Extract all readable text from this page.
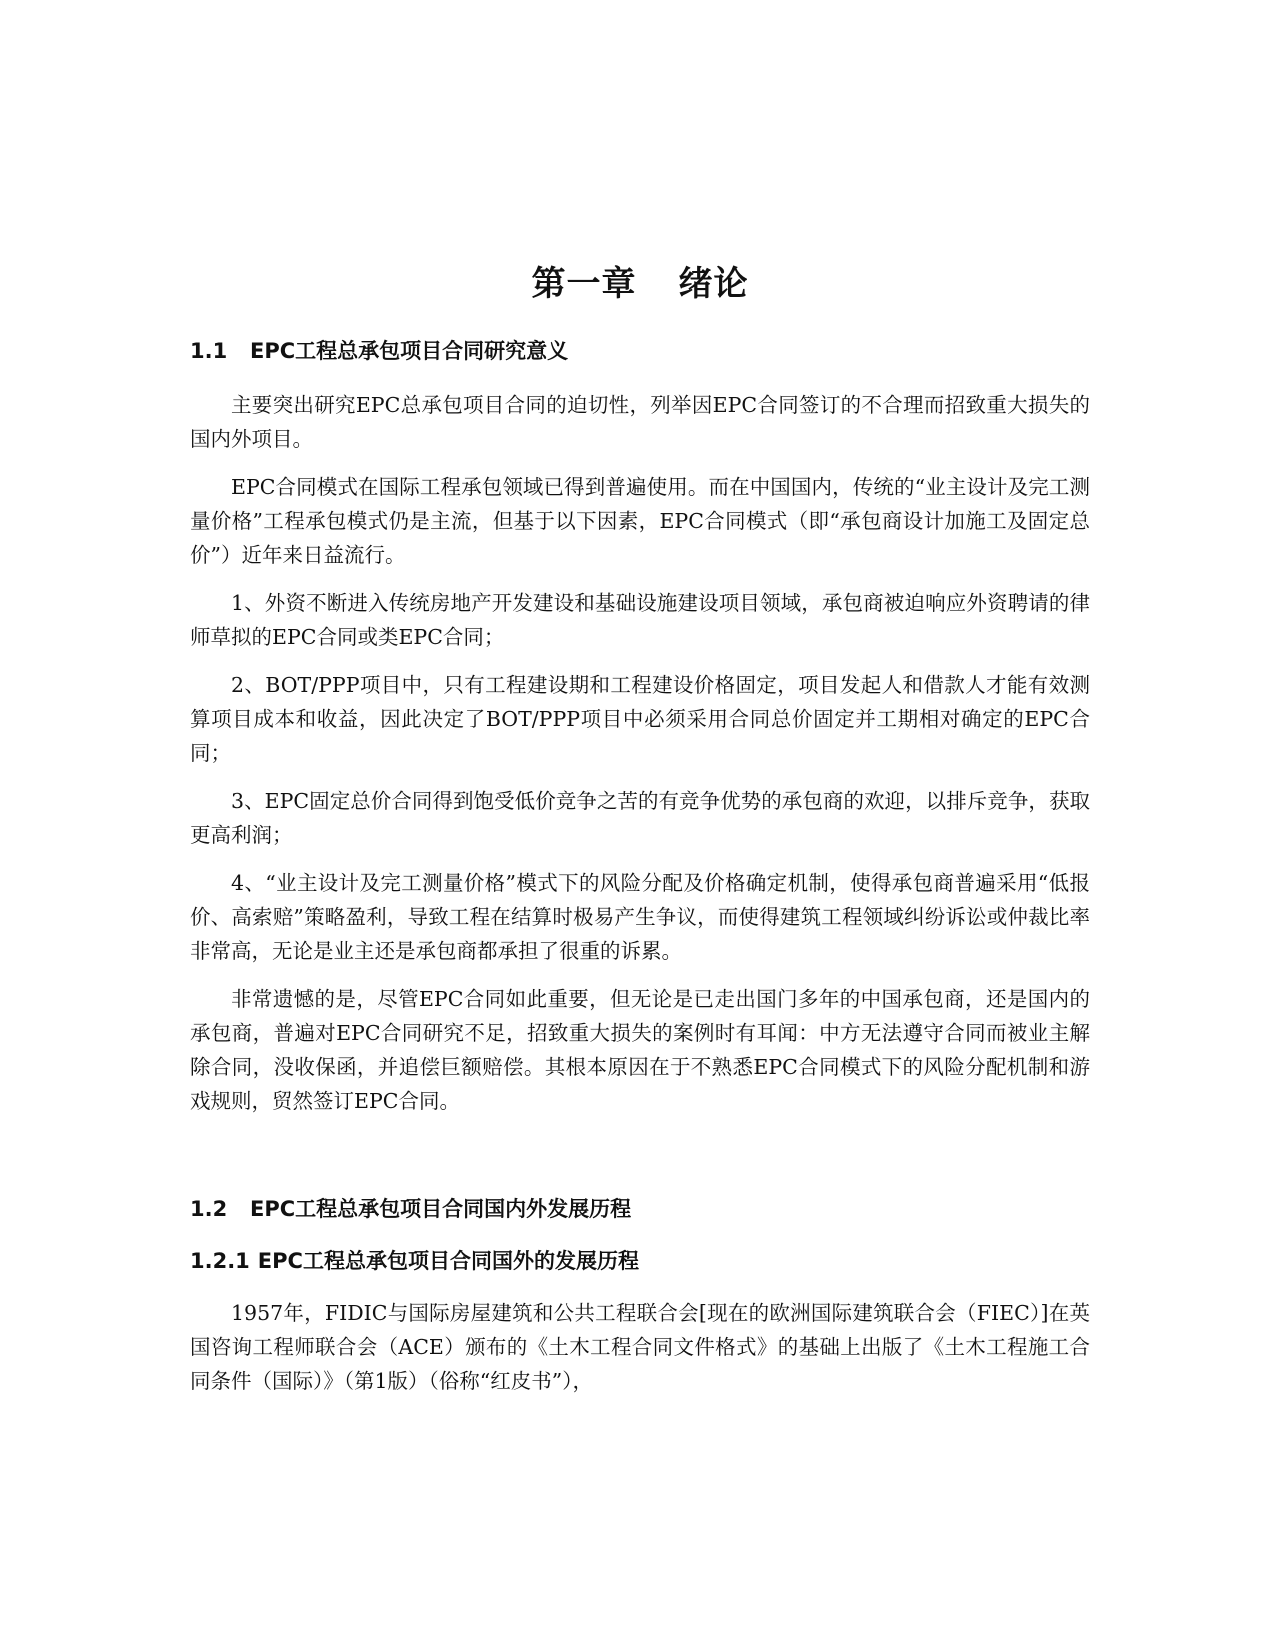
第一章 绪论
1.1 EPC工程总承包项目合同研究意义

主要突出研究EPC总承包项目合同的迫切性，列举因EPC合同签订的不合理而招致重大损失的国内外项目。

EPC合同模式在国际工程承包领域已得到普遍使用。而在中国国内，传统的“业主设计及完工测量价格”工程承包模式仍是主流，但基于以下因素，EPC合同模式（即“承包商设计加施工及固定总价”）近年来日益流行。

1、外资不断进入传统房地产开发建设和基础设施建设项目领域，承包商被迫响应外资聘请的律师草拟的EPC合同或类EPC合同；

2、BOT/PPP项目中，只有工程建设期和工程建设价格固定，项目发起人和借款人才能有效测算项目成本和收益，因此决定了BOT/PPP项目中必须采用合同总价固定并工期相对确定的EPC合同；

3、EPC固定总价合同得到饱受低价竞争之苦的有竞争优势的承包商的欢迎，以排斥竞争，获取更高利润；

4、“业主设计及完工测量价格”模式下的风险分配及价格确定机制，使得承包商普遍采用“低报价、高索赔”策略盈利，导致工程在结算时极易产生争议，而使得建筑工程领域纠纷诉讼或仲裁比率非常高，无论是业主还是承包商都承担了很重的诉累。

非常遗憾的是，尽管EPC合同如此重要，但无论是已走出国门多年的中国承包商，还是国内的承包商，普遍对EPC合同研究不足，招致重大损失的案例时有耳闻：中方无法遵守合同而被业主解除合同，没收保函，并追偿巨额赔偿。其根本原因在于不熟悉EPC合同模式下的风险分配机制和游戏规则，贸然签订EPC合同。

1.2 EPC工程总承包项目合同国内外发展历程
1.2.1 EPC工程总承包项目合同国外的发展历程

1957年，FIDIC与国际房屋建筑和公共工程联合会[现在的欧洲国际建筑联合会（FIEC）]在英国咨询工程师联合会（ACE）颁布的《土木工程合同文件格式》的基础上出版了《土木工程施工合同条件（国际）》（第1版）（俗称“红皮书”），
